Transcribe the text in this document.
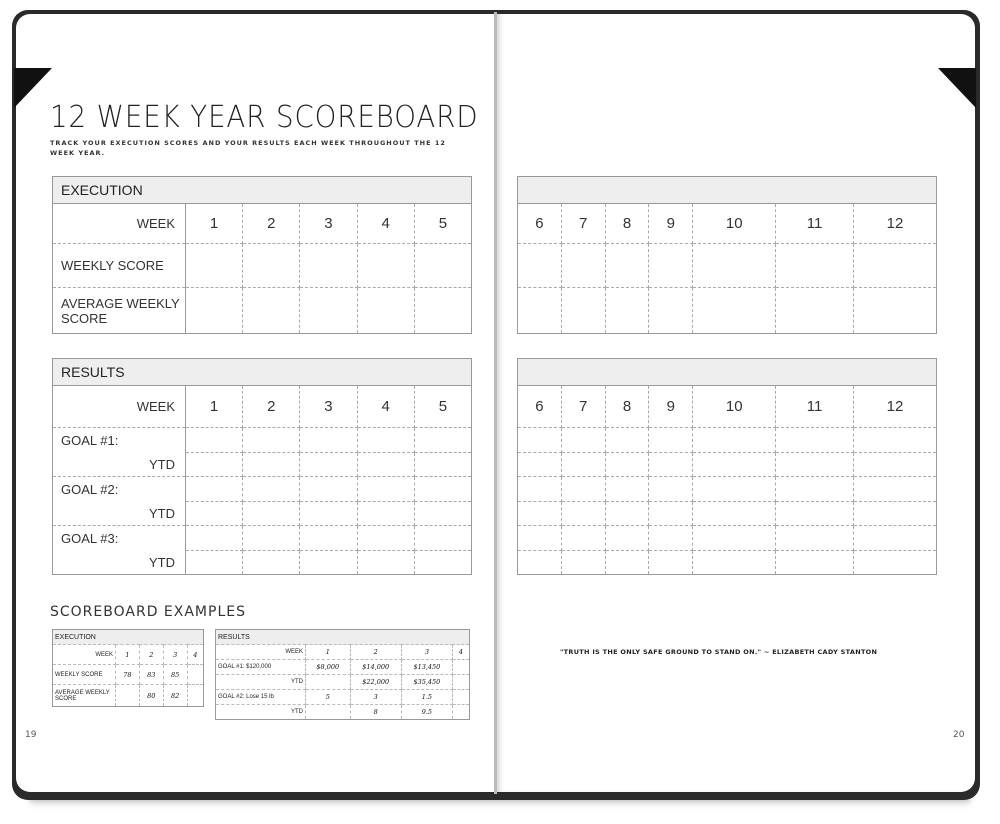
12 WEEK YEAR SCOREBOARD
TRACK YOUR EXECUTION SCORES AND YOUR RESULTS EACH WEEK THROUGHOUT THE 12 WEEK YEAR.
EXECUTION					
WEEK	1	2	3	4	5
WEEKLY SCORE					
AVERAGE WEEKLY SCORE					

6	7	8	9	10	11	12

RESULTS					
WEEK	1	2	3	4	5
GOAL #1:					
YTD					
GOAL #2:					
YTD					
GOAL #3:					
YTD					

6	7	8	9	10	11	12

SCOREBOARD EXAMPLES
EXECUTION				
WEEK	1	2	3	4
WEEKLY SCORE	78	83	85	
AVERAGE WEEKLY SCORE		80	82	
RESULTS				
WEEK	1	2	3	4
GOAL #1: $120,000	$8,000	$14,000	$13,450	
YTD		$22,000	$35,450	
GOAL #2: Lose 15 lb	5	3	1.5	
YTD		8	9.5	
"TRUTH IS THE ONLY SAFE GROUND TO STAND ON." ~ ELIZABETH CADY STANTON
19	20
